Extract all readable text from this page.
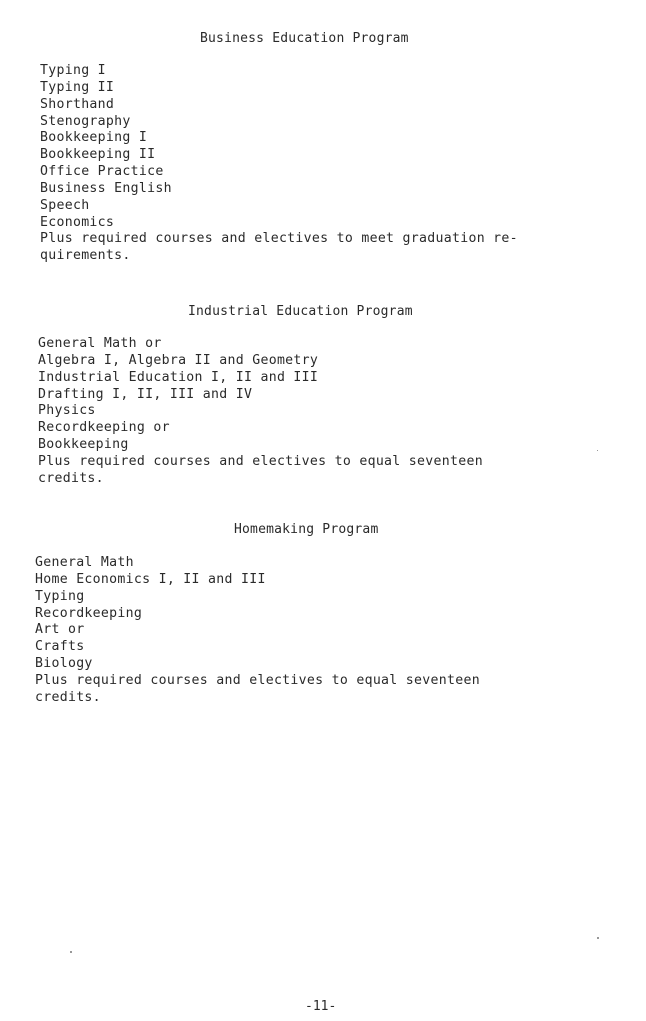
Business Education Program
Typing I
Typing II
Shorthand
Stenography
Bookkeeping I
Bookkeeping II
Office Practice
Business English
Speech
Economics
Plus required courses and electives to meet graduation re-
quirements.
Industrial Education Program
General Math or
Algebra I, Algebra II and Geometry
Industrial Education I, II and III
Drafting I, II, III and IV
Physics
Recordkeeping or
Bookkeeping
Plus required courses and electives to equal seventeen
credits.
Homemaking Program
General Math
Home Economics I, II and III
Typing
Recordkeeping
Art or
Crafts
Biology
Plus required courses and electives to equal seventeen
credits.
-11-
